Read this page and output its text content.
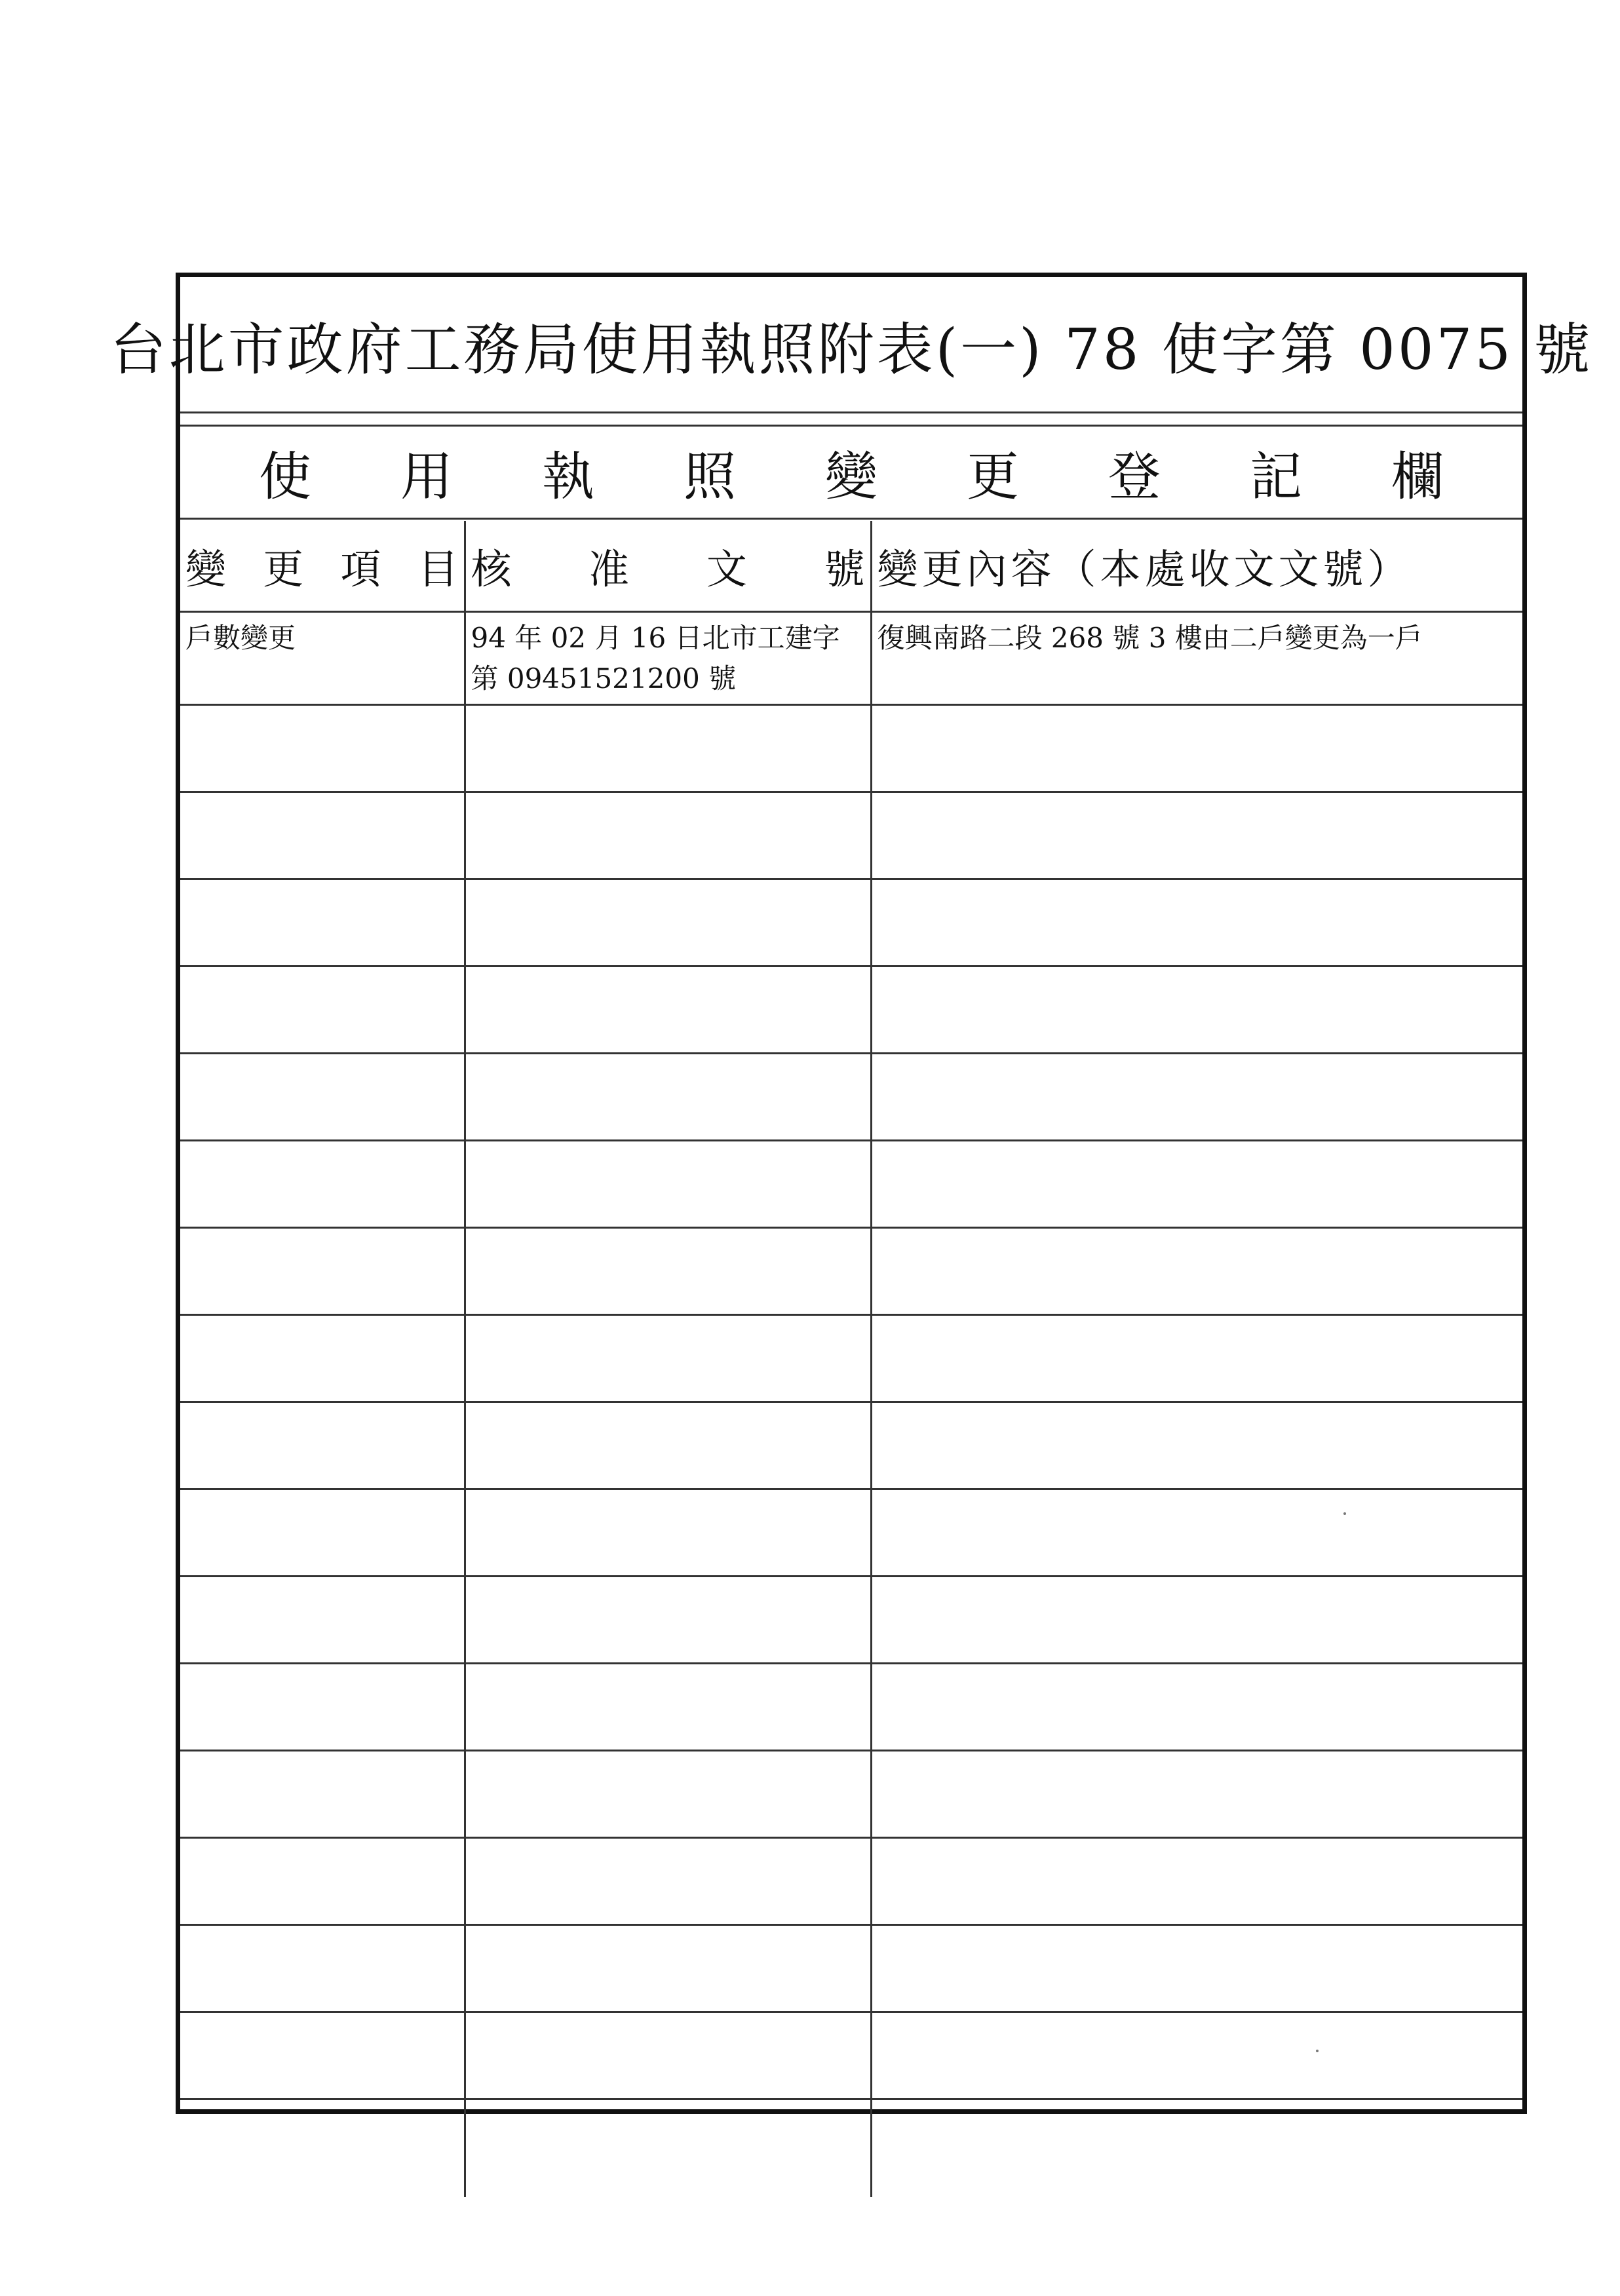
台北市政府工務局使用執照附表(一) 78 使字第 0075 號
使 用 執 照 變 更 登 記 欄
變 更 項 目	核 准 文 號	變更內容（本處收文文號）
戶數變更	94 年 02 月 16 日北市工建字第 09451521200 號	復興南路二段 268 號 3 樓由二戶變更為一戶
